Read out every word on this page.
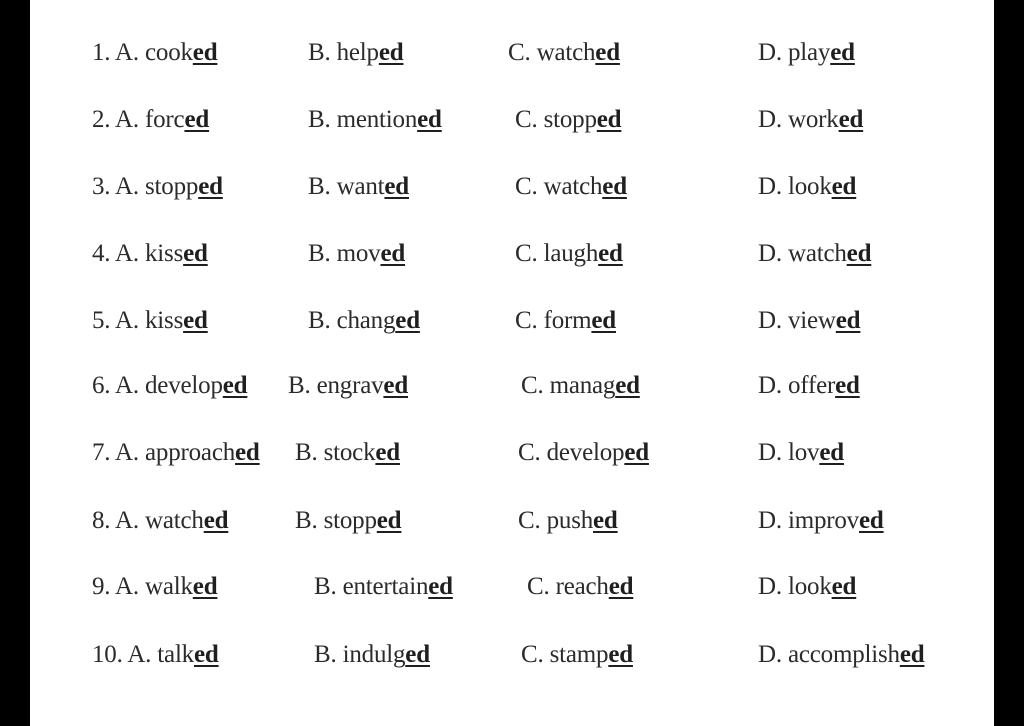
1. A. cooked	B. helped	C. watched	D. played
2. A. forced	B. mentioned	C. stopped	D. worked
3. A. stopped	B. wanted	C. watched	D. looked
4. A. kissed	B. moved	C. laughed	D. watched
5. A. kissed	B. changed	C. formed	D. viewed
6. A. developed B. engraved	C. managed	D. offered
7. A. approached B. stocked	C. developed	D. loved
8. A. watched	B. stopped	C. pushed	D. improved
9. A. walked	B. entertained	C. reached	D. looked
10. A. talked	B. indulged	C. stamped	D. accomplished
